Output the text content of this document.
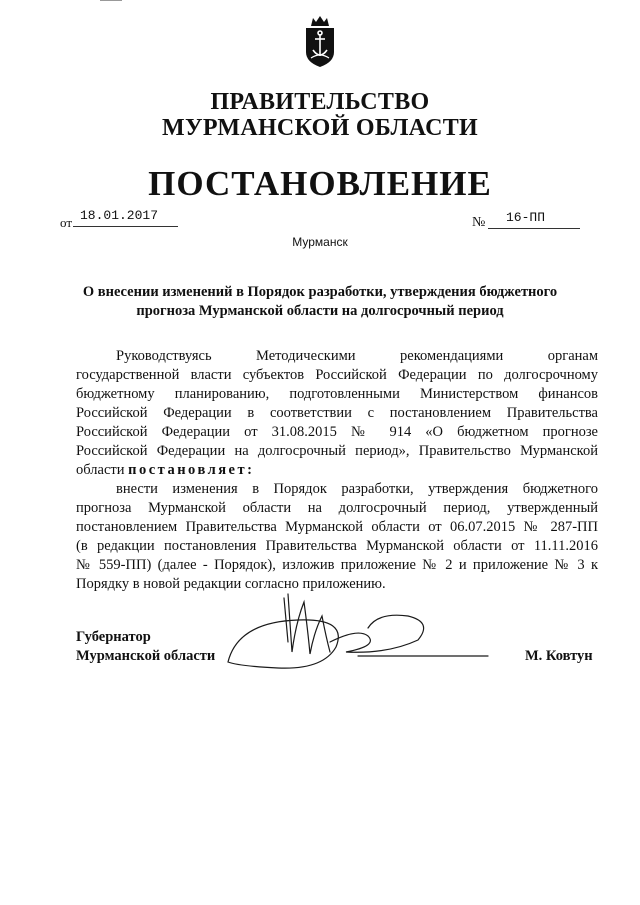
ПРАВИТЕЛЬСТВО
МУРМАНСКОЙ ОБЛАСТИ
ПОСТАНОВЛЕНИЕ
от 18.01.2017	№ 16-ПП
Мурманск
О внесении изменений в Порядок разработки, утверждения бюджетного
прогноза Мурманской области на долгосрочный период
Руководствуясь Методическими рекомендациями органам
государственной власти субъектов Российской Федерации по долгосрочному
бюджетному планированию, подготовленными Министерством финансов
Российской Федерации в соответствии с постановлением Правительства
Российской Федерации от 31.08.2015 № 914 «О бюджетном прогнозе
Российской Федерации на долгосрочный период», Правительство Мурманской
области постановляет:
внести изменения в Порядок разработки, утверждения бюджетного
прогноза Мурманской области на долгосрочный период, утвержденный
постановлением Правительства Мурманской области от 06.07.2015 № 287-ПП
(в редакции постановления Правительства Мурманской области от 11.11.2016
№ 559-ПП) (далее - Порядок), изложив приложение № 2 и приложение № 3 к
Порядку в новой редакции согласно приложению.
Губернатор
Мурманской области	М. Ковтун
